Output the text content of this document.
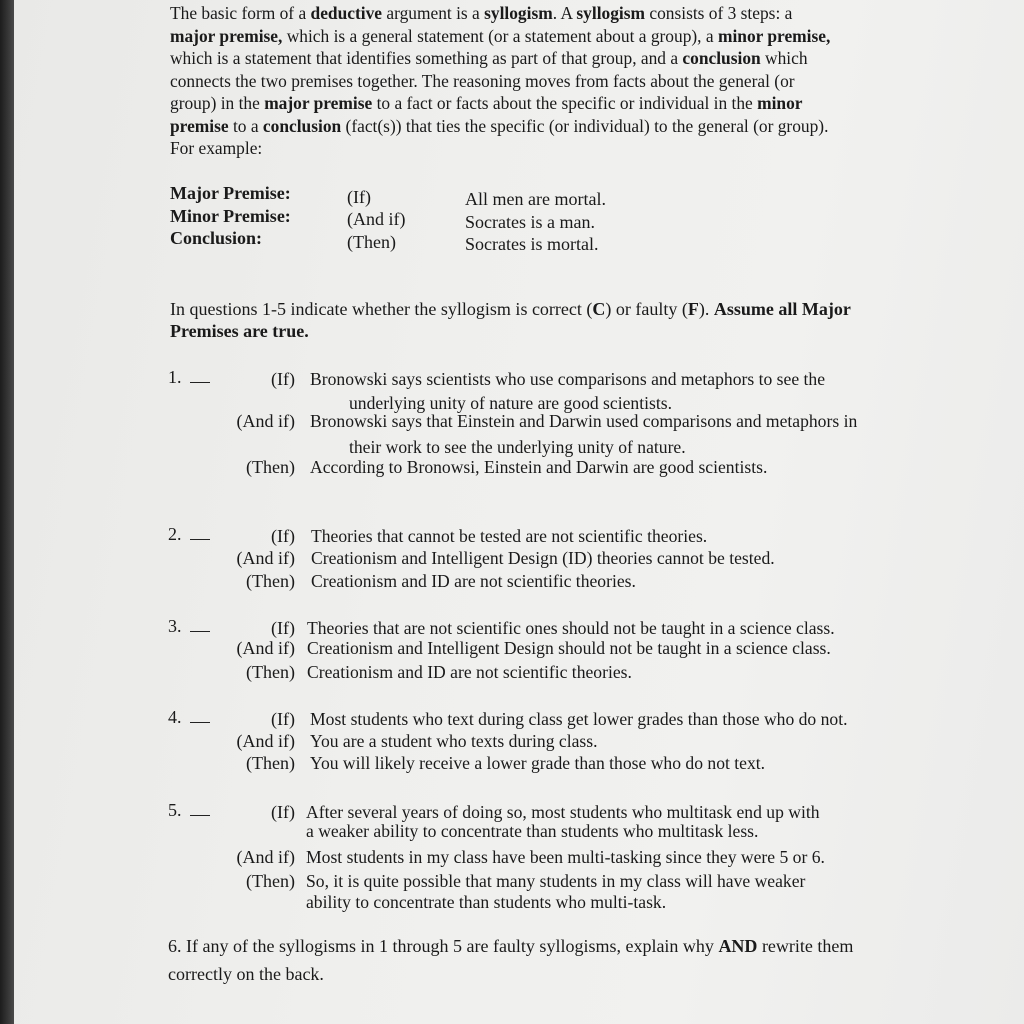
The basic form of a deductive argument is a syllogism. A syllogism consists of 3 steps: a
major premise, which is a general statement (or a statement about a group), a minor premise,
which is a statement that identifies something as part of that group, and a conclusion which
connects the two premises together. The reasoning moves from facts about the general (or
group) in the major premise to a fact or facts about the specific or individual in the minor
premise to a conclusion (fact(s)) that ties the specific (or individual) to the general (or group).
For example:
Major Premise:	(If)	All men are mortal.
Minor Premise:	(And if)	Socrates is a man.
Conclusion:	(Then)	Socrates is mortal.
In questions 1-5 indicate whether the syllogism is correct (C) or faulty (F). Assume all Major
Premises are true.
1.	(If) Bronowski says scientists who use comparisons and metaphors to see the
underlying unity of nature are good scientists.
(And if) Bronowski says that Einstein and Darwin used comparisons and metaphors in
their work to see the underlying unity of nature.
(Then) According to Bronowsi, Einstein and Darwin are good scientists.
2.	(If) Theories that cannot be tested are not scientific theories.
(And if) Creationism and Intelligent Design (ID) theories cannot be tested.
(Then) Creationism and ID are not scientific theories.
3.	(If) Theories that are not scientific ones should not be taught in a science class.
(And if) Creationism and Intelligent Design should not be taught in a science class.
(Then) Creationism and ID are not scientific theories.
4.	(If) Most students who text during class get lower grades than those who do not.
(And if) You are a student who texts during class.
(Then) You will likely receive a lower grade than those who do not text.
5.	(If) After several years of doing so, most students who multitask end up with
a weaker ability to concentrate than students who multitask less.
(And if) Most students in my class have been multi-tasking since they were 5 or 6.
(Then) So, it is quite possible that many students in my class will have weaker
ability to concentrate than students who multi-task.
6. If any of the syllogisms in 1 through 5 are faulty syllogisms, explain why AND rewrite them
correctly on the back.
